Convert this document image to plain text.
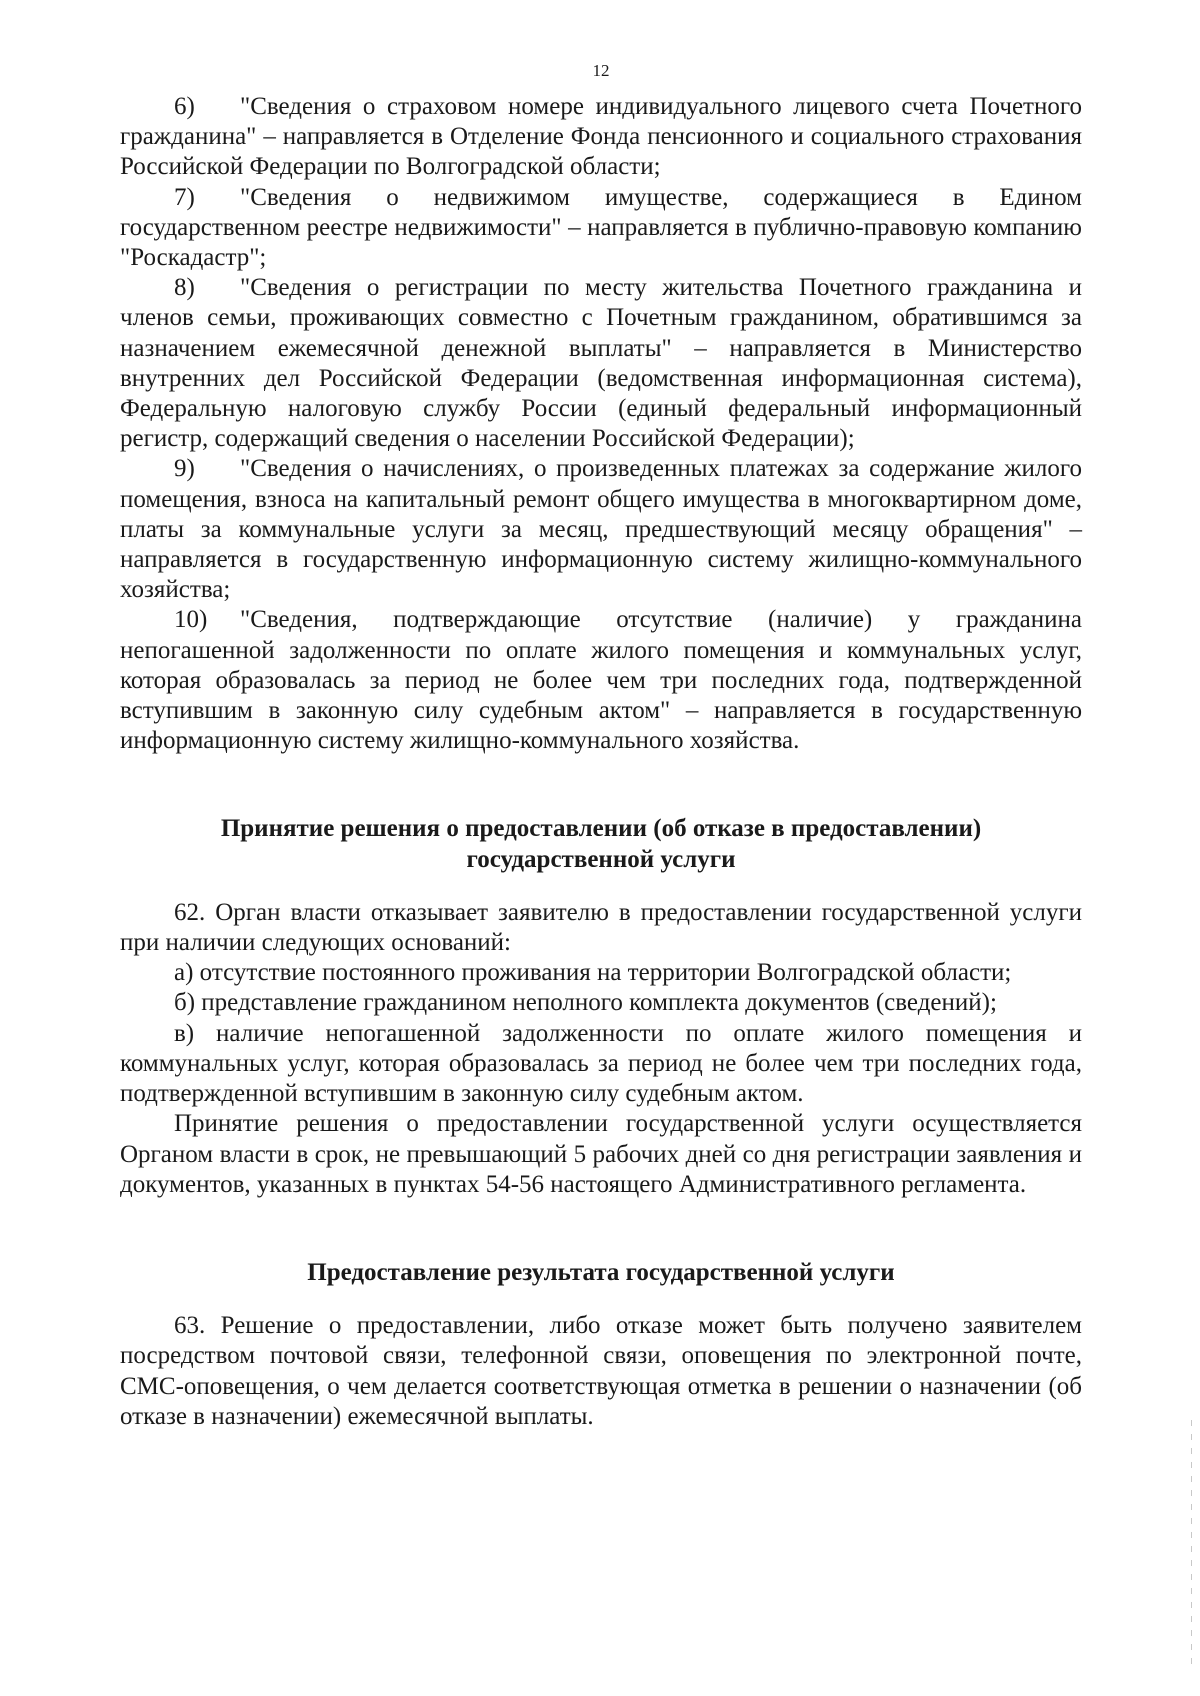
12

6) "Сведения о страховом номере индивидуального лицевого счета Почетного гражданина" – направляется в Отделение Фонда пенсионного и социального страхования Российской Федерации по Волгоградской области;

7) "Сведения о недвижимом имуществе, содержащиеся в Едином государственном реестре недвижимости" – направляется в публично-правовую компанию "Роскадастр";

8) "Сведения о регистрации по месту жительства Почетного гражданина и членов семьи, проживающих совместно с Почетным гражданином, обратившимся за назначением ежемесячной денежной выплаты" – направляется в Министерство внутренних дел Российской Федерации (ведомственная информационная система), Федеральную налоговую службу России (единый федеральный информационный регистр, содержащий сведения о населении Российской Федерации);

9) "Сведения о начислениях, о произведенных платежах за содержание жилого помещения, взноса на капитальный ремонт общего имущества в многоквартирном доме, платы за коммунальные услуги за месяц, предшествующий месяцу обращения" – направляется в государственную информационную систему жилищно-коммунального хозяйства;

10) "Сведения, подтверждающие отсутствие (наличие) у гражданина непогашенной задолженности по оплате жилого помещения и коммунальных услуг, которая образовалась за период не более чем три последних года, подтвержденной вступившим в законную силу судебным актом" – направляется в государственную информационную систему жилищно-коммунального хозяйства.

Принятие решения о предоставлении (об отказе в предоставлении)
государственной услуги

62. Орган власти отказывает заявителю в предоставлении государственной услуги при наличии следующих оснований:

а) отсутствие постоянного проживания на территории Волгоградской области;

б) представление гражданином неполного комплекта документов (сведений);

в) наличие непогашенной задолженности по оплате жилого помещения и коммунальных услуг, которая образовалась за период не более чем три последних года, подтвержденной вступившим в законную силу судебным актом.

Принятие решения о предоставлении государственной услуги осуществляется Органом власти в срок, не превышающий 5 рабочих дней со дня регистрации заявления и документов, указанных в пунктах 54-56 настоящего Административного регламента.

Предоставление результата государственной услуги

63. Решение о предоставлении, либо отказе может быть получено заявителем посредством почтовой связи, телефонной связи, оповещения по электронной почте, СМС-оповещения, о чем делается соответствующая отметка в решении о назначении (об отказе в назначении) ежемесячной выплаты.
